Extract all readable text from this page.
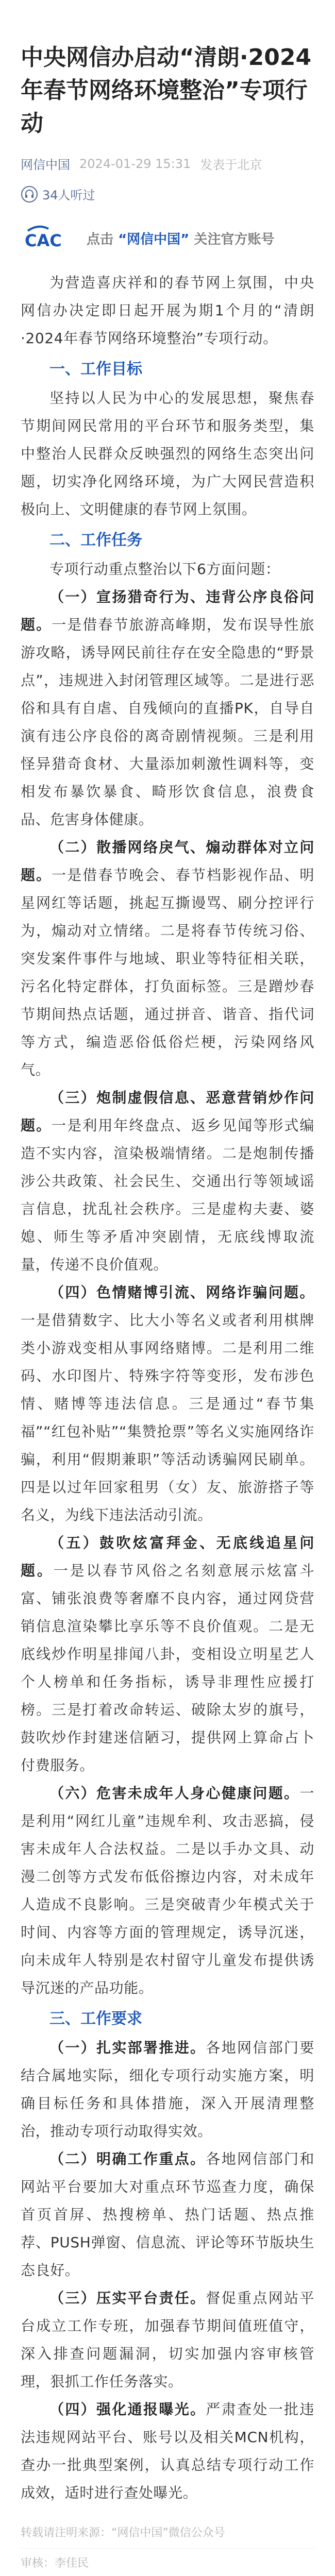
中央网信办启动“清朗·2024年春节网络环境整治”专项行动
网信中国 2024-01-29 15:31 发表于北京
34人听过
CAC 点击 “网信中国” 关注官方账号

为营造喜庆祥和的春节网上氛围，中央网信办决定即日起开展为期1个月的“清朗·2024年春节网络环境整治”专项行动。

一、工作目标

坚持以人民为中心的发展思想，聚焦春节期间网民常用的平台环节和服务类型，集中整治人民群众反映强烈的网络生态突出问题，切实净化网络环境，为广大网民营造积极向上、文明健康的春节网上氛围。

二、工作任务

专项行动重点整治以下6方面问题：

（一）宣扬猎奇行为、违背公序良俗问题。一是借春节旅游高峰期，发布误导性旅游攻略，诱导网民前往存在安全隐患的“野景点”，违规进入封闭管理区域等。二是进行恶俗和具有自虐、自残倾向的直播PK，自导自演有违公序良俗的离奇剧情视频。三是利用怪异猎奇食材、大量添加刺激性调料等，变相发布暴饮暴食、畸形饮食信息，浪费食品、危害身体健康。

（二）散播网络戾气、煽动群体对立问题。一是借春节晚会、春节档影视作品、明星网红等话题，挑起互撕谩骂、刷分控评行为，煽动对立情绪。二是将春节传统习俗、突发案件事件与地域、职业等特征相关联，污名化特定群体，打负面标签。三是蹭炒春节期间热点话题，通过拼音、谐音、指代词等方式，编造恶俗低俗烂梗，污染网络风气。

（三）炮制虚假信息、恶意营销炒作问题。一是利用年终盘点、返乡见闻等形式编造不实内容，渲染极端情绪。二是炮制传播涉公共政策、社会民生、交通出行等领域谣言信息，扰乱社会秩序。三是虚构夫妻、婆媳、师生等矛盾冲突剧情，无底线博取流量，传递不良价值观。

（四）色情赌博引流、网络诈骗问题。一是借猜数字、比大小等名义或者利用棋牌类小游戏变相从事网络赌博。二是利用二维码、水印图片、特殊字符等变形，发布涉色情、赌博等违法信息。三是通过“春节集福”“红包补贴”“集赞抢票”等名义实施网络诈骗，利用“假期兼职”等活动诱骗网民刷单。四是以过年回家租男（女）友、旅游搭子等名义，为线下违法活动引流。

（五）鼓吹炫富拜金、无底线追星问题。一是以春节风俗之名刻意展示炫富斗富、铺张浪费等奢靡不良内容，通过网贷营销信息渲染攀比享乐等不良价值观。二是无底线炒作明星排闻八卦，变相设立明星艺人个人榜单和任务指标，诱导非理性应援打榜。三是打着改命转运、破除太岁的旗号，鼓吹炒作封建迷信陋习，提供网上算命占卜付费服务。

（六）危害未成年人身心健康问题。一是利用“网红儿童”违规牟利、攻击恶搞，侵害未成年人合法权益。二是以手办文具、动漫二创等方式发布低俗擦边内容，对未成年人造成不良影响。三是突破青少年模式关于时间、内容等方面的管理规定，诱导沉迷，向未成年人特别是农村留守儿童发布提供诱导沉迷的产品功能。

三、工作要求

（一）扎实部署推进。各地网信部门要结合属地实际，细化专项行动实施方案，明确目标任务和具体措施，深入开展清理整治，推动专项行动取得实效。

（二）明确工作重点。各地网信部门和网站平台要加大对重点环节巡查力度，确保首页首屏、热搜榜单、热门话题、热点推荐、PUSH弹窗、信息流、评论等环节版块生态良好。

（三）压实平台责任。督促重点网站平台成立工作专班，加强春节期间值班值守，深入排查问题漏洞，切实加强内容审核管理，狠抓工作任务落实。

（四）强化通报曝光。严肃查处一批违法违规网站平台、账号以及相关MCN机构，查办一批典型案例，认真总结专项行动工作成效，适时进行查处曝光。

转载请注明来源：“网信中国”微信公众号
审核：李佳民
